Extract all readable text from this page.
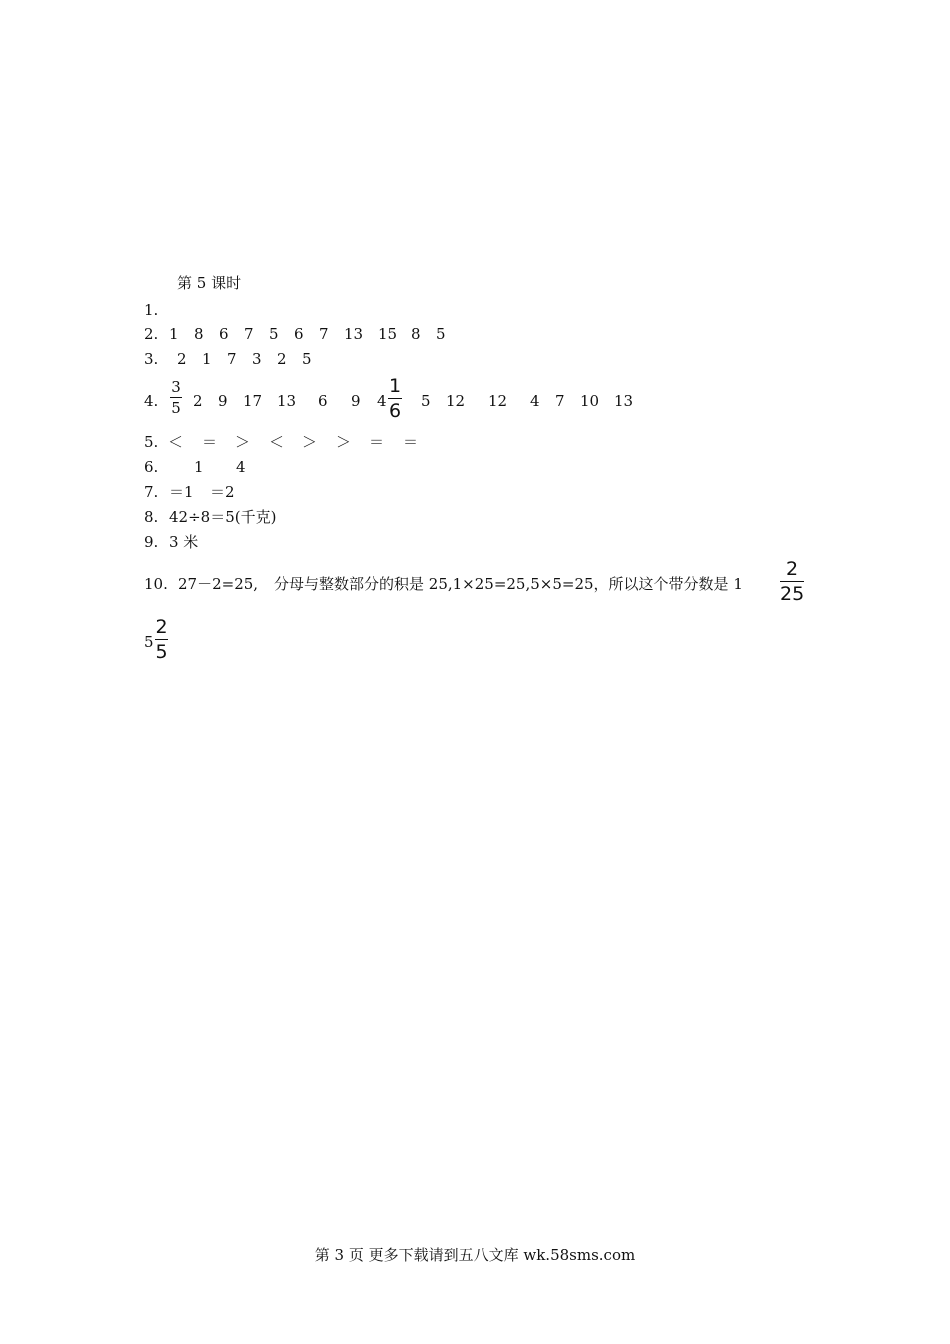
第 5 课时
1.
2. 1 8 6 7 5 6 7 13 15 8 5
3. 2 1 7 3 2 5
4.
3
5 2 9 17 13 6 9 4
1
6 5 12 12 4 7 10 13
5. ＜ ＝ ＞ ＜ ＞ ＞ ＝ ＝
6. 1 4
7. ＝1 ＝2
8. 42÷8＝5(千克)
9. 3 米
10. 27－2=25, 分母与整数部分的积是 25,1×25=25,5×5=25，所以这个带分数是 1
2
25
5
2
5
第 3 页 更多下载请到五八文库 wk.58sms.com
